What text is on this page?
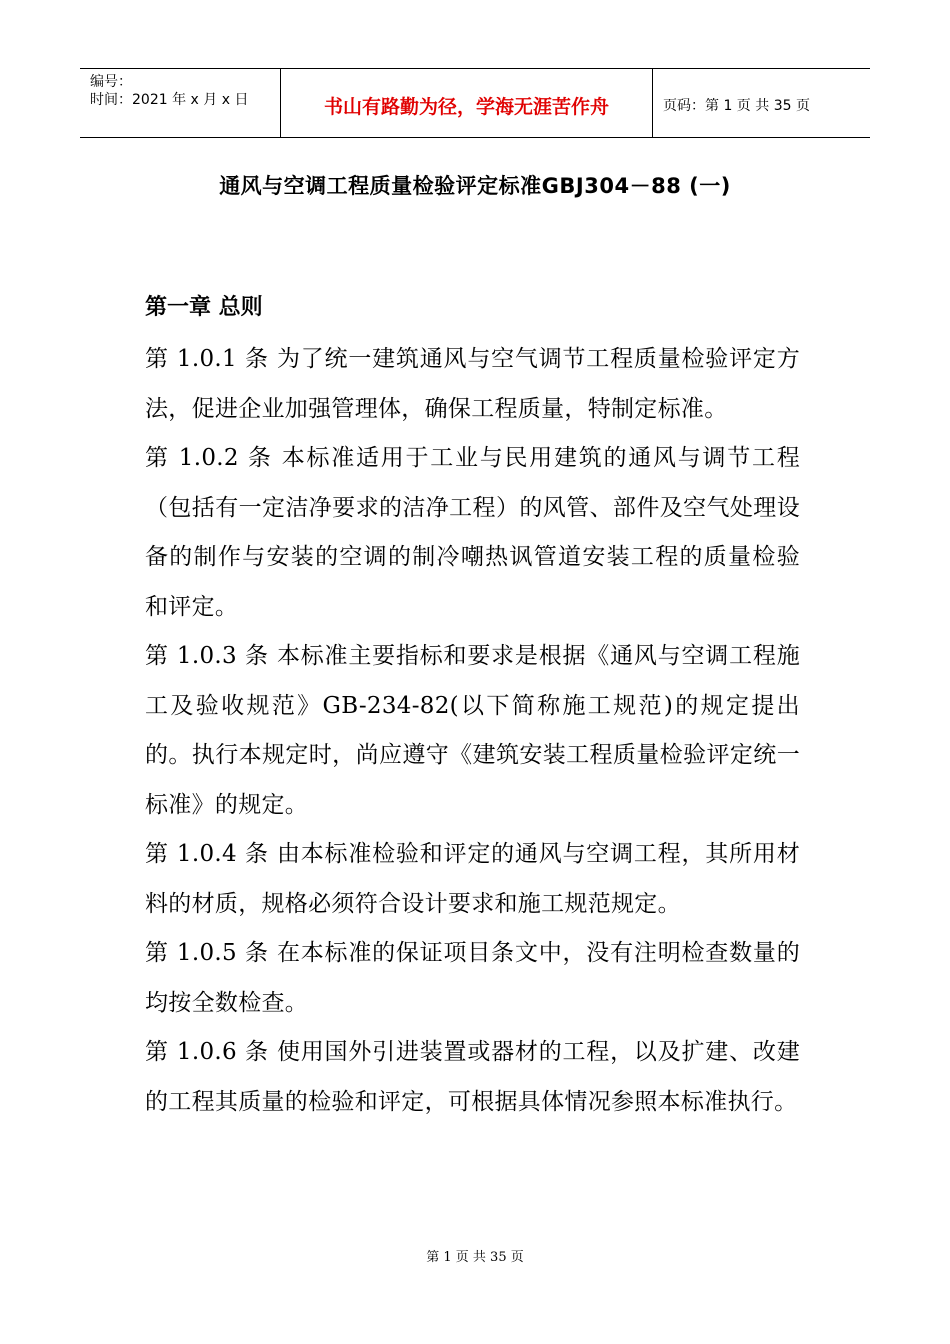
编号：
时间：2021 年 x 月 x 日	书山有路勤为径，学海无涯苦作舟	页码：第 1 页 共 35 页
通风与空调工程质量检验评定标准GBJ304－88 (一)
第一章 总则

第 1.0.1 条 为了统一建筑通风与空气调节工程质量检验评定方法，促进企业加强管理体，确保工程质量，特制定标准。

第 1.0.2 条 本标准适用于工业与民用建筑的通风与调节工程（包括有一定洁净要求的洁净工程）的风管、部件及空气处理设备的制作与安装的空调的制冷嘲热讽管道安装工程的质量检验 和评定。

第 1.0.3 条 本标准主要指标和要求是根据《通风与空调工程施工及验收规范》GB-234-82(以下简称施工规范)的规定提出的。执行本规定时，尚应遵守《建筑安装工程质量检验评定统一标准》的规定。

第 1.0.4 条 由本标准检验和评定的通风与空调工程，其所用材料的材质，规格必须符合设计要求和施工规范规定。

第 1.0.5 条 在本标准的保证项目条文中，没有注明检查数量的均按全数检查。

第 1.0.6 条 使用国外引进装置或器材的工程，以及扩建、改建的工程其质量的检验和评定，可根据具体情况参照本标准执行。

第 1 页 共 35 页
